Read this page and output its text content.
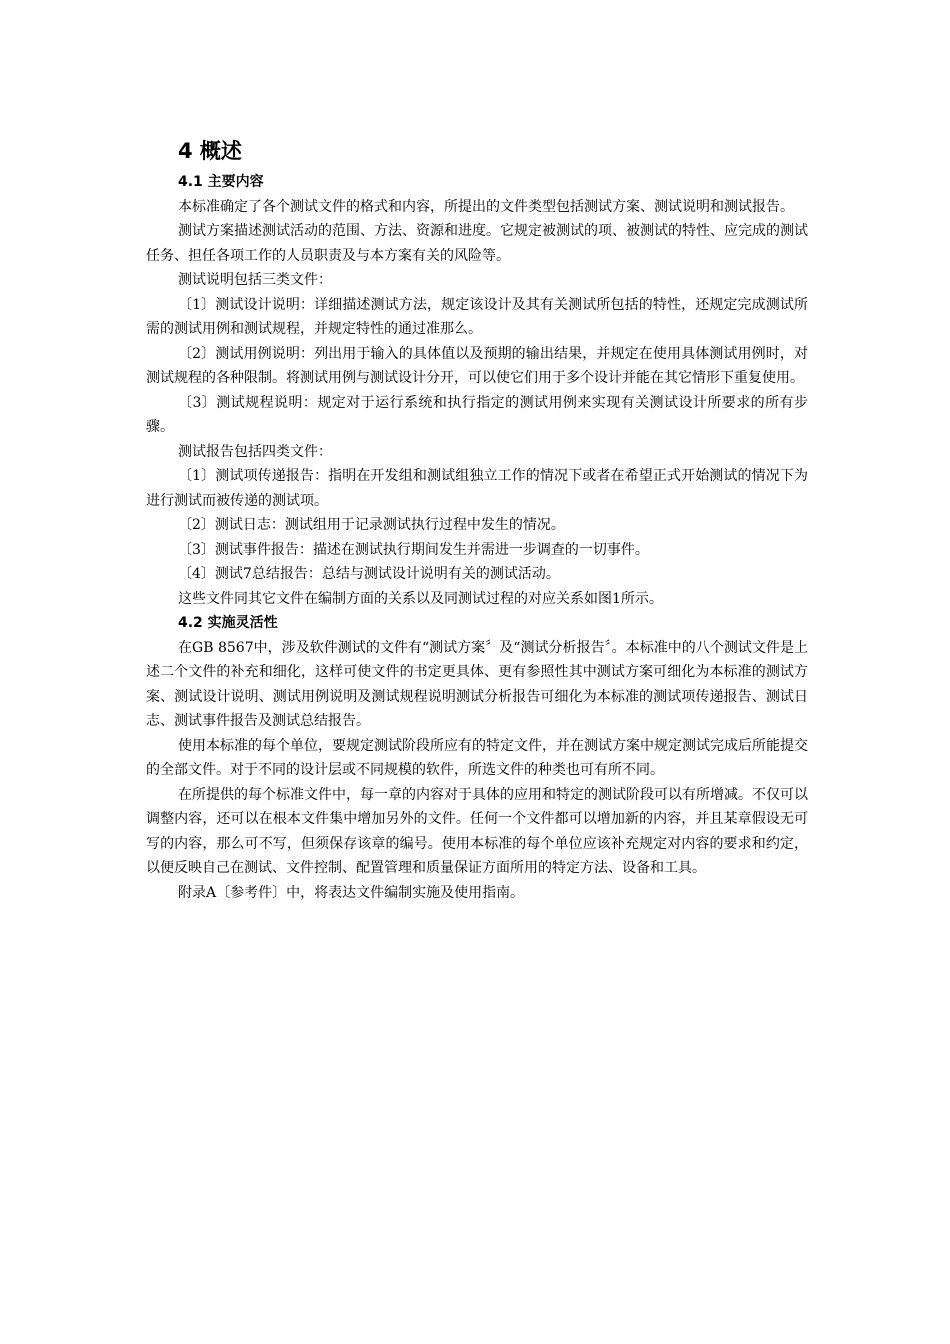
4 概述
4.1 主要内容

本标准确定了各个测试文件的格式和内容，所提出的文件类型包括测试方案、测试说明和测试报告。

测试方案描述测试活动的范围、方法、资源和进度。它规定被测试的项、被测试的特性、应完成的测试任务、担任各项工作的人员职责及与本方案有关的风险等。

测试说明包括三类文件：

〔1〕测试设计说明：详细描述测试方法，规定该设计及其有关测试所包括的特性，还规定完成测试所需的测试用例和测试规程，并规定特性的通过准那么。

〔2〕测试用例说明：列出用于输入的具体值以及预期的输出结果，并规定在使用具体测试用例时，对测试规程的各种限制。将测试用例与测试设计分开，可以使它们用于多个设计并能在其它情形下重复使用。

〔3〕测试规程说明：规定对于运行系统和执行指定的测试用例来实现有关测试设计所要求的所有步骤。

测试报告包括四类文件：

〔1〕测试项传递报告：指明在开发组和测试组独立工作的情况下或者在希望正式开始测试的情况下为进行测试而被传递的测试项。

〔2〕测试日志：测试组用于记录测试执行过程中发生的情况。

〔3〕测试事件报告：描述在测试执行期间发生并需进一步调查的一切事件。

〔4〕测试7总结报告：总结与测试设计说明有关的测试活动。

这些文件同其它文件在编制方面的关系以及同测试过程的对应关系如图1所示。

4.2 实施灵活性

在GB 8567中，涉及软件测试的文件有“测试方案〞及“测试分析报告〞。本标准中的八个测试文件是上述二个文件的补充和细化，这样可使文件的书定更具体、更有参照性其中测试方案可细化为本标准的测试方案、测试设计说明、测试用例说明及测试规程说明测试分析报告可细化为本标准的测试项传递报告、测试日志、测试事件报告及测试总结报告。

使用本标准的每个单位，要规定测试阶段所应有的特定文件，并在测试方案中规定测试完成后所能提交的全部文件。对于不同的设计层或不同规模的软件，所选文件的种类也可有所不同。

在所提供的每个标准文件中，每一章的内容对于具体的应用和特定的测试阶段可以有所增减。不仅可以调整内容，还可以在根本文件集中增加另外的文件。任何一个文件都可以增加新的内容，并且某章假设无可写的内容，那么可不写，但须保存该章的编号。使用本标准的每个单位应该补充规定对内容的要求和约定，以便反映自己在测试、文件控制、配置管理和质量保证方面所用的特定方法、设备和工具。

附录A〔参考件〕中，将表达文件编制实施及使用指南。
